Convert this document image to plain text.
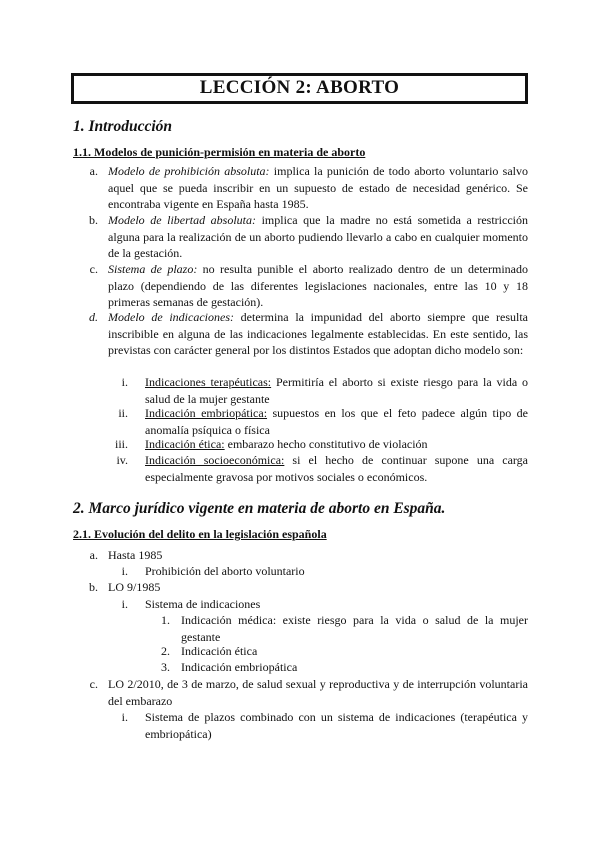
LECCIÓN 2: ABORTO
1. Introducción
1.1. Modelos de punición-permisión en materia de aborto
a. Modelo de prohibición absoluta: implica la punición de todo aborto voluntario salvo aquel que se pueda inscribir en un supuesto de estado de necesidad genérico. Se encontraba vigente en España hasta 1985.
b. Modelo de libertad absoluta: implica que la madre no está sometida a restricción alguna para la realización de un aborto pudiendo llevarlo a cabo en cualquier momento de la gestación.
c. Sistema de plazo: no resulta punible el aborto realizado dentro de un determinado plazo (dependiendo de las diferentes legislaciones nacionales, entre las 10 y 18 primeras semanas de gestación).
d. Modelo de indicaciones: determina la impunidad del aborto siempre que resulta inscribible en alguna de las indicaciones legalmente establecidas. En este sentido, las previstas con carácter general por los distintos Estados que adoptan dicho modelo son:
i. Indicaciones terapéuticas: Permitiría el aborto si existe riesgo para la vida o salud de la mujer gestante
ii. Indicación embriopática: supuestos en los que el feto padece algún tipo de anomalía psíquica o física
iii. Indicación ética: embarazo hecho constitutivo de violación
iv. Indicación socioeconómica: si el hecho de continuar supone una carga especialmente gravosa por motivos sociales o económicos.
2. Marco jurídico vigente en materia de aborto en España.
2.1. Evolución del delito en la legislación española
a. Hasta 1985
i. Prohibición del aborto voluntario
b. LO 9/1985
i. Sistema de indicaciones
1. Indicación médica: existe riesgo para la vida o salud de la mujer gestante
2. Indicación ética
3. Indicación embriopática
c. LO 2/2010, de 3 de marzo, de salud sexual y reproductiva y de interrupción voluntaria del embarazo
i. Sistema de plazos combinado con un sistema de indicaciones (terapéutica y embriopática)
